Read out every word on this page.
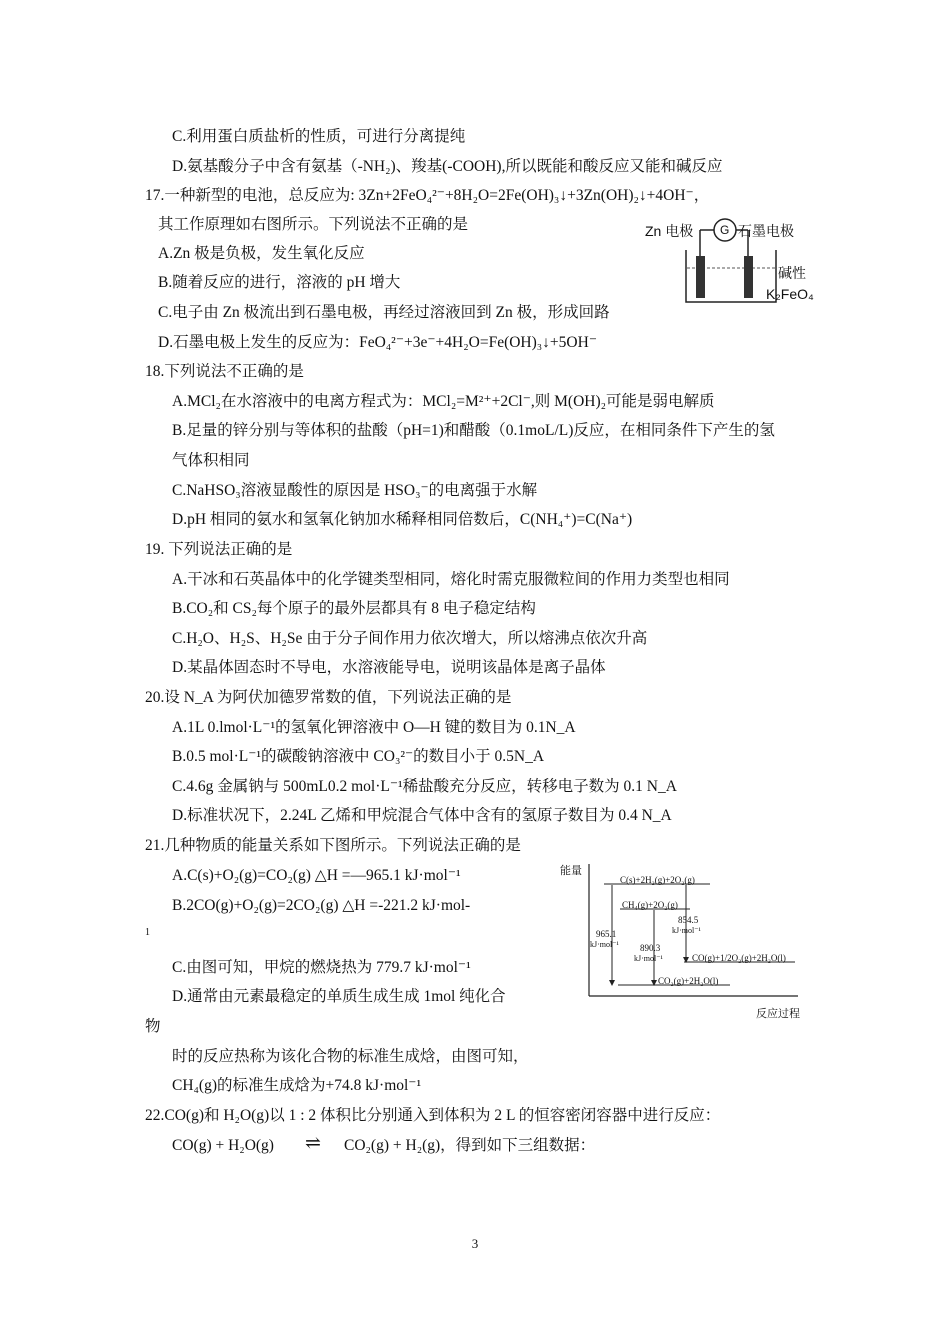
C.利用蛋白质盐析的性质，可进行分离提纯
D.氨基酸分子中含有氨基（-NH₂)、羧基(-COOH),所以既能和酸反应又能和碱反应
17.一种新型的电池，总反应为: 3Zn+2FeO₄²⁻+8H₂O=2Fe(OH)₃↓+3Zn(OH)₂↓+4OH⁻，
其工作原理如右图所示。下列说法不正确的是
A.Zn 极是负极，发生氧化反应
B.随着反应的进行，溶液的 pH 增大
C.电子由 Zn 极流出到石墨电极，再经过溶液回到 Zn 极，形成回路
D.石墨电极上发生的反应为：FeO₄²⁻+3e⁻+4H₂O=Fe(OH)₃↓+5OH⁻
Zn 电极 G 石墨电极
碱性
K₂FeO₄
18.下列说法不正确的是
A.MCl₂在水溶液中的电离方程式为：MCl₂=M²⁺+2Cl⁻,则 M(OH)₂可能是弱电解质
B.足量的锌分别与等体积的盐酸（pH=1)和醋酸（0.1moL/L)反应，在相同条件下产生的氢
气体积相同
C.NaHSO₃溶液显酸性的原因是 HSO₃⁻的电离强于水解
D.pH 相同的氨水和氢氧化钠加水稀释相同倍数后，C(NH₄⁺)=C(Na⁺)
19. 下列说法正确的是
A.干冰和石英晶体中的化学键类型相同，熔化时需克服微粒间的作用力类型也相同
B.CO₂和 CS₂每个原子的最外层都具有 8 电子稳定结构
C.H₂O、H₂S、H₂Se 由于分子间作用力依次增大，所以熔沸点依次升高
D.某晶体固态时不导电，水溶液能导电，说明该晶体是离子晶体
20.设 N_A 为阿伏加德罗常数的值，下列说法正确的是
A.1L 0.lmol·L⁻¹的氢氧化钾溶液中 O—H 键的数目为 0.1N_A
B.0.5 mol·L⁻¹的碳酸钠溶液中 CO₃²⁻的数目小于 0.5N_A
C.4.6g 金属钠与 500mL0.2 mol·L⁻¹稀盐酸充分反应，转移电子数为 0.1 N_A
D.标准状况下，2.24L 乙烯和甲烷混合气体中含有的氢原子数目为 0.4 N_A
21.几种物质的能量关系如下图所示。下列说法正确的是
A.C(s)+O₂(g)=CO₂(g) △H =—965.1 kJ·mol⁻¹
B.2CO(g)+O₂(g)=2CO₂(g) △H =-221.2 kJ·mol-
1
C.由图可知，甲烷的燃烧热为 779.7 kJ·mol⁻¹
D.通常由元素最稳定的单质生成生成 1mol 纯化合
物
时的反应热称为该化合物的标准生成焓，由图可知，
CH₄(g)的标准生成焓为+74.8 kJ·mol⁻¹
能量
反应过程
C(s)+2H₂(g)+2O₂(g)
CH₄(g)+2O₂(g)
CO(g)+1/2O₂(g)+2H₂O(l)
CO₂(g)+2H₂O(l)
965.1
kJ·mol⁻¹ 890.3
kJ·mol⁻¹
854.5
kJ·mol⁻¹
22.CO(g)和 H₂O(g)以 1 : 2 体积比分别通入到体积为 2 L 的恒容密闭容器中进行反应：
CO(g) + H₂O(g) ⇌ CO₂(g) + H₂(g)，得到如下三组数据：
3
